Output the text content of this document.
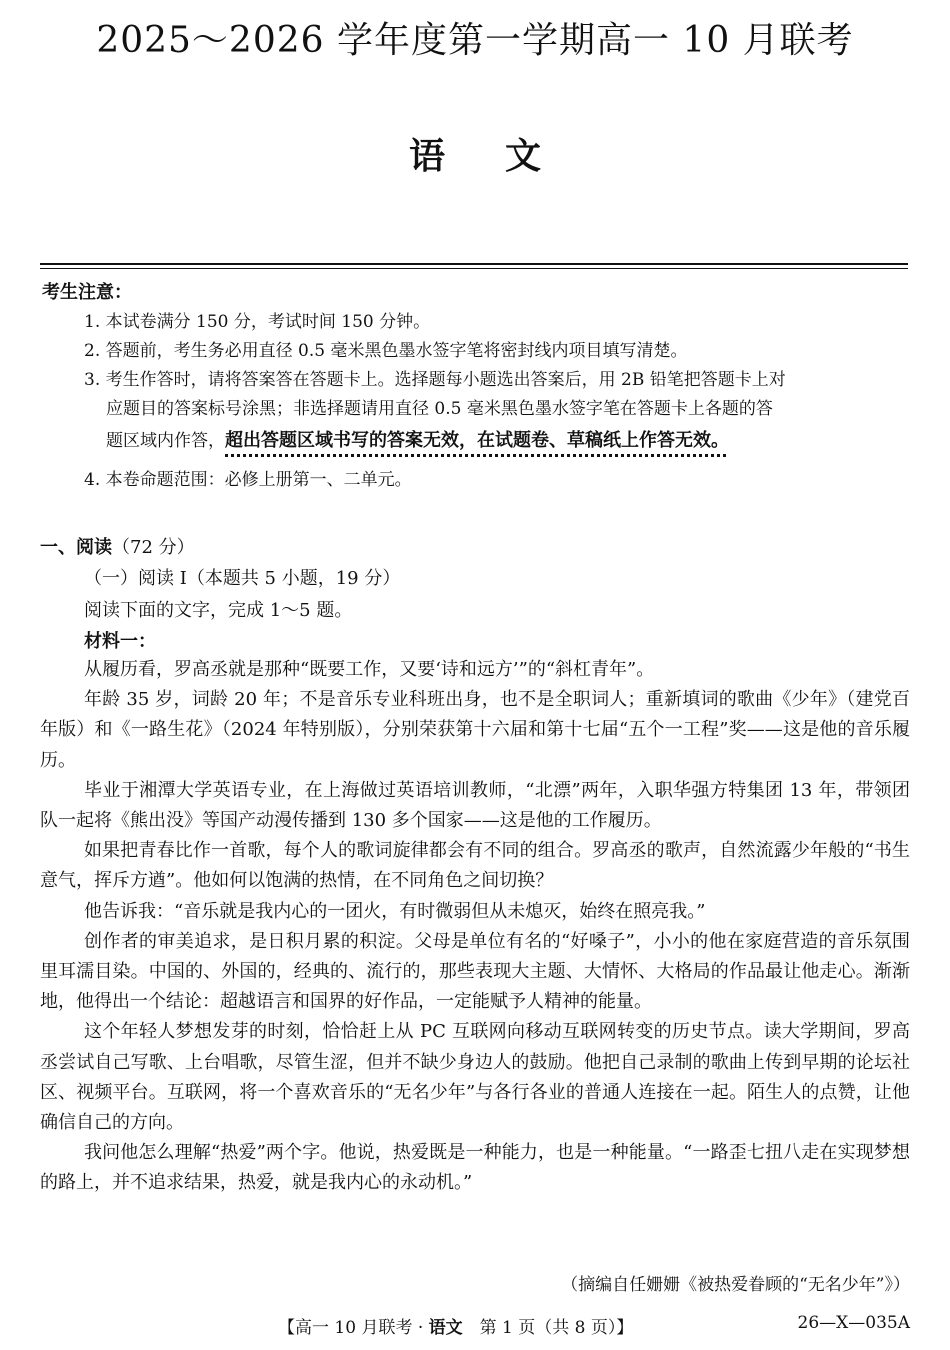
2025～2026 学年度第一学期高一 10 月联考
语文
考生注意：
1. 本试卷满分 150 分，考试时间 150 分钟。
2. 答题前，考生务必用直径 0.5 毫米黑色墨水签字笔将密封线内项目填写清楚。
3. 考生作答时，请将答案答在答题卡上。选择题每小题选出答案后，用 2B 铅笔把答题卡上对
应题目的答案标号涂黑；非选择题请用直径 0.5 毫米黑色墨水签字笔在答题卡上各题的答
题区域内作答，超出答题区域书写的答案无效，在试题卷、草稿纸上作答无效。
4. 本卷命题范围：必修上册第一、二单元。
一、阅读（72 分）
（一）阅读 Ⅰ（本题共 5 小题，19 分）
阅读下面的文字，完成 1～5 题。
材料一：

从履历看，罗高丞就是那种“既要工作，又要‘诗和远方’”的“斜杠青年”。

年龄 35 岁，词龄 20 年；不是音乐专业科班出身，也不是全职词人；重新填词的歌曲《少年》（建党百年版）和《一路生花》（2024 年特别版），分别荣获第十六届和第十七届“五个一工程”奖——这是他的音乐履历。

毕业于湘潭大学英语专业，在上海做过英语培训教师，“北漂”两年，入职华强方特集团 13 年，带领团队一起将《熊出没》等国产动漫传播到 130 多个国家——这是他的工作履历。

如果把青春比作一首歌，每个人的歌词旋律都会有不同的组合。罗高丞的歌声，自然流露少年般的“书生意气，挥斥方遒”。他如何以饱满的热情，在不同角色之间切换？

他告诉我：“音乐就是我内心的一团火，有时微弱但从未熄灭，始终在照亮我。”

创作者的审美追求，是日积月累的积淀。父母是单位有名的“好嗓子”，小小的他在家庭营造的音乐氛围里耳濡目染。中国的、外国的，经典的、流行的，那些表现大主题、大情怀、大格局的作品最让他走心。渐渐地，他得出一个结论：超越语言和国界的好作品，一定能赋予人精神的能量。

这个年轻人梦想发芽的时刻，恰恰赶上从 PC 互联网向移动互联网转变的历史节点。读大学期间，罗高丞尝试自己写歌、上台唱歌，尽管生涩，但并不缺少身边人的鼓励。他把自己录制的歌曲上传到早期的论坛社区、视频平台。互联网，将一个喜欢音乐的“无名少年”与各行各业的普通人连接在一起。陌生人的点赞，让他确信自己的方向。

我问他怎么理解“热爱”两个字。他说，热爱既是一种能力，也是一种能量。“一路歪七扭八走在实现梦想的路上，并不追求结果，热爱，就是我内心的永动机。”

（摘编自任姗姗《被热爱眷顾的“无名少年”》）
【高一 10 月联考 · 语文　第 1 页（共 8 页）】	26—X—035A
